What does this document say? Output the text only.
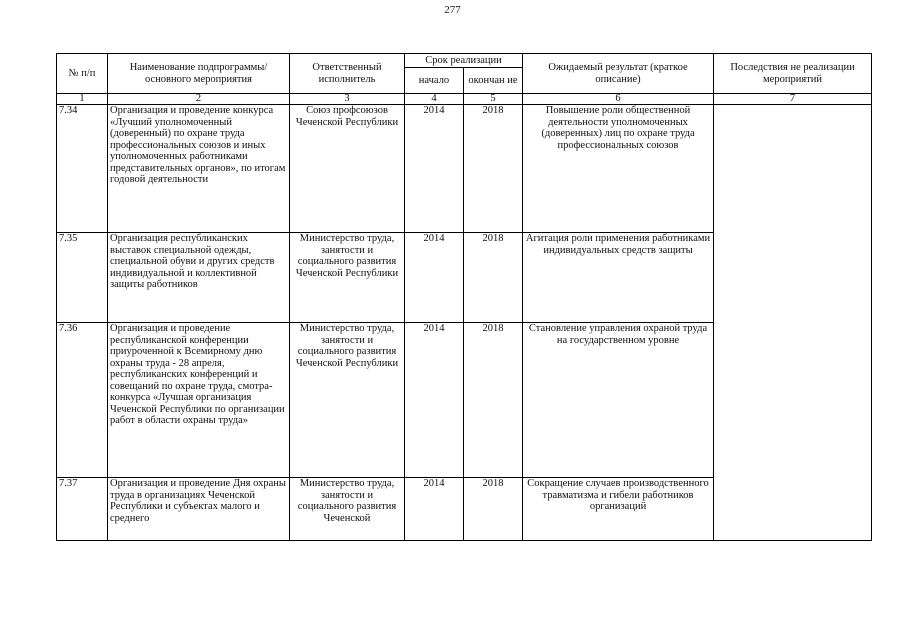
277
№ п/п	Наименование подпрограммы/ основного мероприятия	Ответственный исполнитель	Срок реализации		Ожидаемый результат (краткое описание)	Последствия не реализации мероприятий
			начало	окончан ие		
1	2	3	4	5	6	7
7.34	Организация и проведение конкурса «Лучший уполномоченный (доверенный) по охране труда профессиональных союзов и иных уполномоченных работниками представительных органов», по итогам годовой деятельности	Союз профсоюзов Чеченской Республики	2014	2018	Повышение роли общественной деятельности уполномоченных (доверенных) лиц по охране труда профессиональных союзов	
7.35	Организация республиканских выставок специальной одежды, специальной обуви и других средств индивидуальной и коллективной защиты работников	Министерство труда, занятости и социального развития Чеченской Республики	2014	2018	Агитация роли применения работниками индивидуальных средств защиты	
7.36	Организация и проведение республиканской конференции приуроченной к Всемирному дню охраны труда - 28 апреля, республиканских конференций и совещаний по охране труда, смотра-конкурса «Лучшая организация Чеченской Республики по организации работ в области охраны труда»	Министерство труда, занятости и социального развития Чеченской Республики	2014	2018	Становление управления охраной труда на государственном уровне	
7.37	Организация и проведение Дня охраны труда в организациях Чеченской Республики и субъектах малого и среднего	Министерство труда, занятости и социального развития Чеченской	2014	2018	Сокращение случаев производственного травматизма и гибели работников организаций	
